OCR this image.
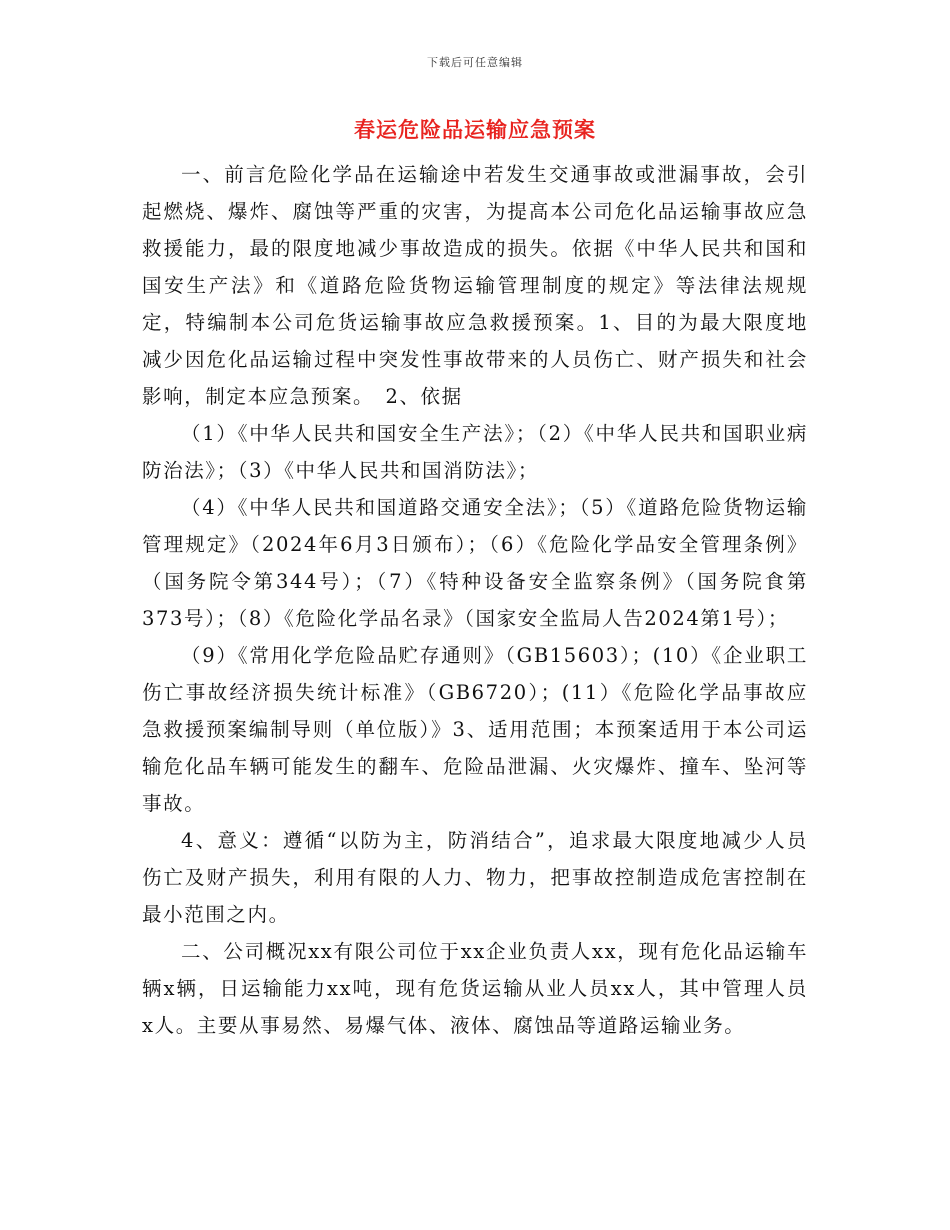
下载后可任意编辑
春运危险品运输应急预案

一、前言危险化学品在运输途中若发生交通事故或泄漏事故，会引起燃烧、爆炸、腐蚀等严重的灾害，为提高本公司危化品运输事故应急救援能力，最的限度地减少事故造成的损失。依据《中华人民共和国和国安生产法》和《道路危险货物运输管理制度的规定》等法律法规规定，特编制本公司危货运输事故应急救援预案。1、目的为最大限度地减少因危化品运输过程中突发性事故带来的人员伤亡、财产损失和社会影响，制定本应急预案。　2、依据

（1）《中华人民共和国安全生产法》；（2）《中华人民共和国职业病防治法》；（3）《中华人民共和国消防法》；

（4）《中华人民共和国道路交通安全法》；（5）《道路危险货物运输管理规定》（2024年6月3日颁布）；（6）《危险化学品安全管理条例》（国务院令第344号）；（7）《特种设备安全监察条例》（国务院食第373号）；（8）《危险化学品名录》（国家安全监局人告2024第1号）；

（9）《常用化学危险品贮存通则》（GB15603）；(10）《企业职工伤亡事故经济损失统计标准》（GB6720）；(11）《危险化学品事故应急救援预案编制导则（单位版）》3、适用范围；本预案适用于本公司运输危化品车辆可能发生的翻车、危险品泄漏、火灾爆炸、撞车、坠河等事故。

4、意义：遵循“以防为主，防消结合”，追求最大限度地减少人员伤亡及财产损失，利用有限的人力、物力，把事故控制造成危害控制在最小范围之内。

二、公司概况xx有限公司位于xx企业负责人xx，现有危化品运输车辆x辆，日运输能力xx吨，现有危货运输从业人员xx人，其中管理人员x人。主要从事易然、易爆气体、液体、腐蚀品等道路运输业务。
